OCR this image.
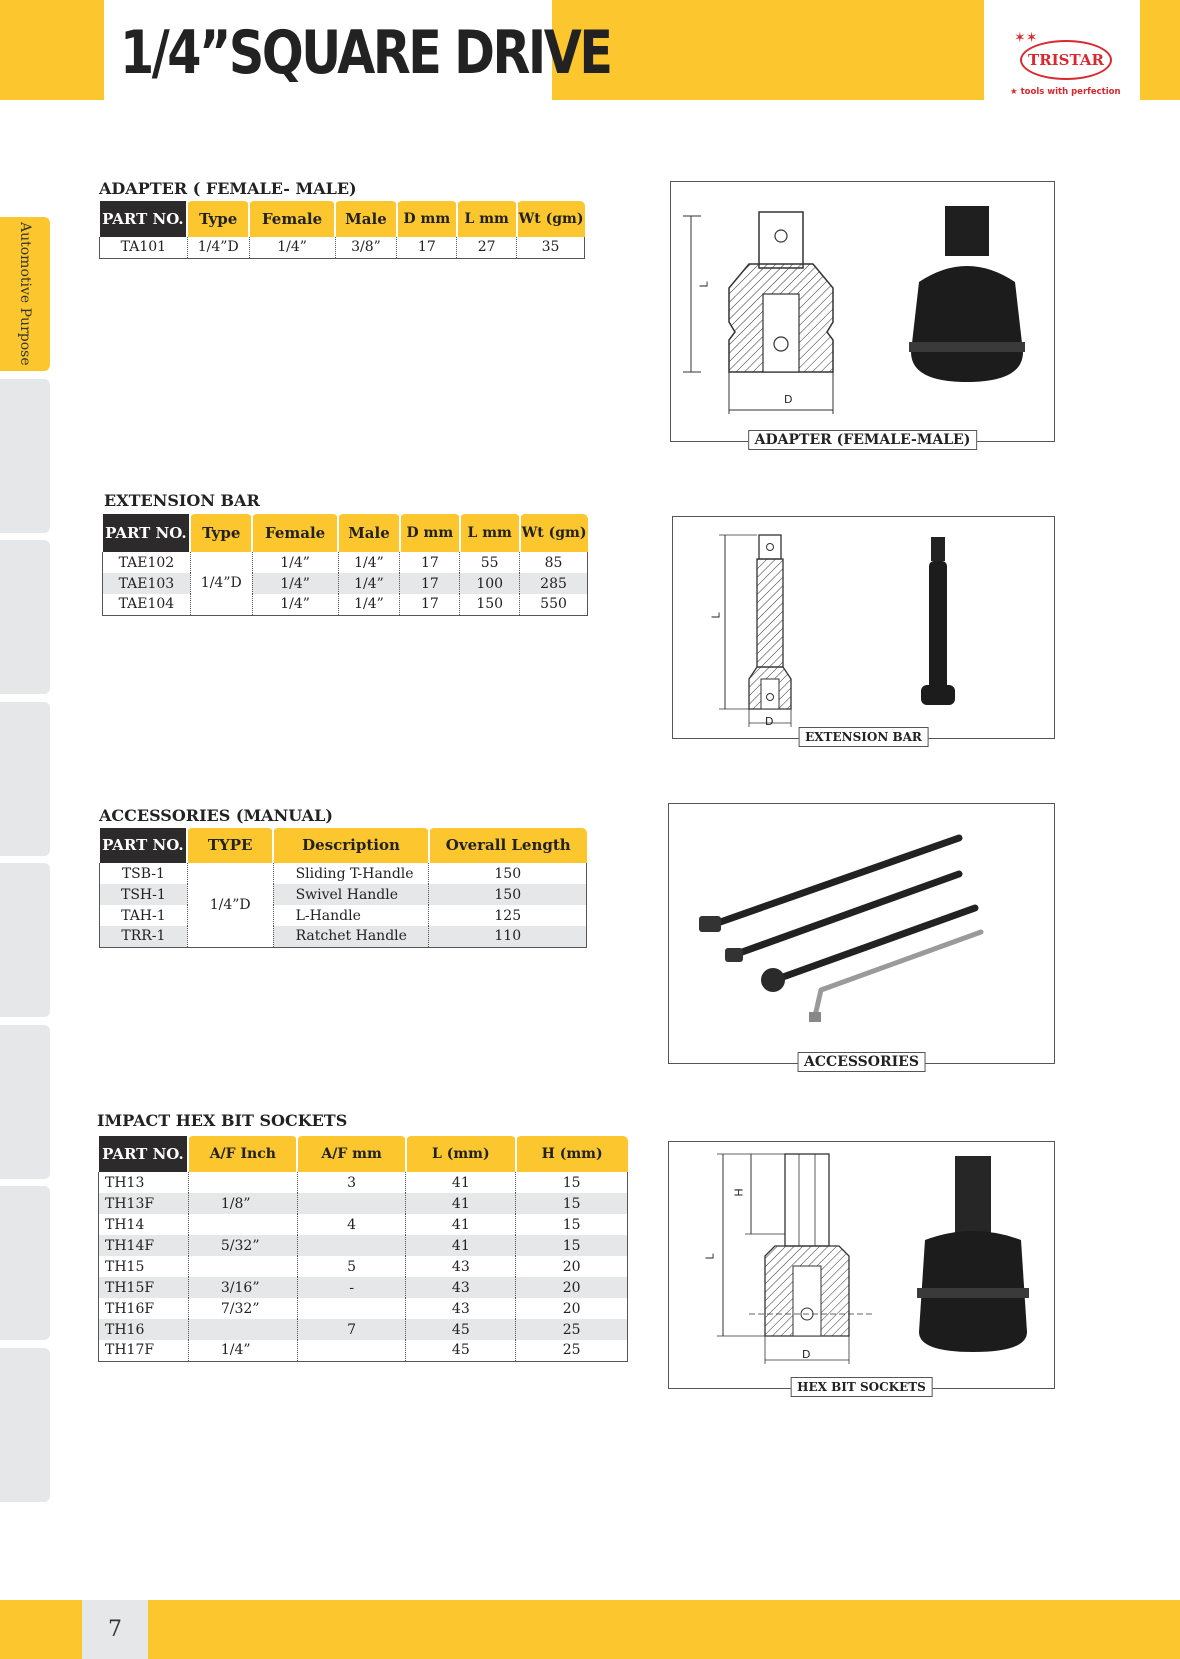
1/4”SQUARE DRIVE	✶✶
TRISTAR
★ tools with perfection
Automotive Purpose
ADAPTER ( FEMALE- MALE)
PART NO.	Type	Female	Male	D mm	L mm	Wt (gm)
TA101	1/4”D	1/4”	3/8”	17	27	35
L
D
ADAPTER (FEMALE-MALE)
EXTENSION BAR
PART NO.	Type	Female	Male	D mm	L mm	Wt (gm)
TAE102	1/4”D	1/4”	1/4”	17	55	85
TAE103		1/4”	1/4”	17	100	285
TAE104		1/4”	1/4”	17	150	550
L
D
EXTENSION BAR
ACCESSORIES (MANUAL)
PART NO.	TYPE	Description	Overall Length
TSB-1	1/4”D	Sliding T-Handle	150
TSH-1		Swivel Handle	150
TAH-1		L-Handle	125
TRR-1		Ratchet Handle	110
ACCESSORIES
IMPACT HEX BIT SOCKETS
PART NO.	A/F Inch	A/F mm	L (mm)	H (mm)
TH13		3	41	15
TH13F	1/8”		41	15
TH14		4	41	15
TH14F	5/32”		41	15
TH15		5	43	20
TH15F	3/16”	-	43	20
TH16F	7/32”		43	20
TH16		7	45	25
TH17F	1/4”		45	25
H
L
D
HEX BIT SOCKETS
7
